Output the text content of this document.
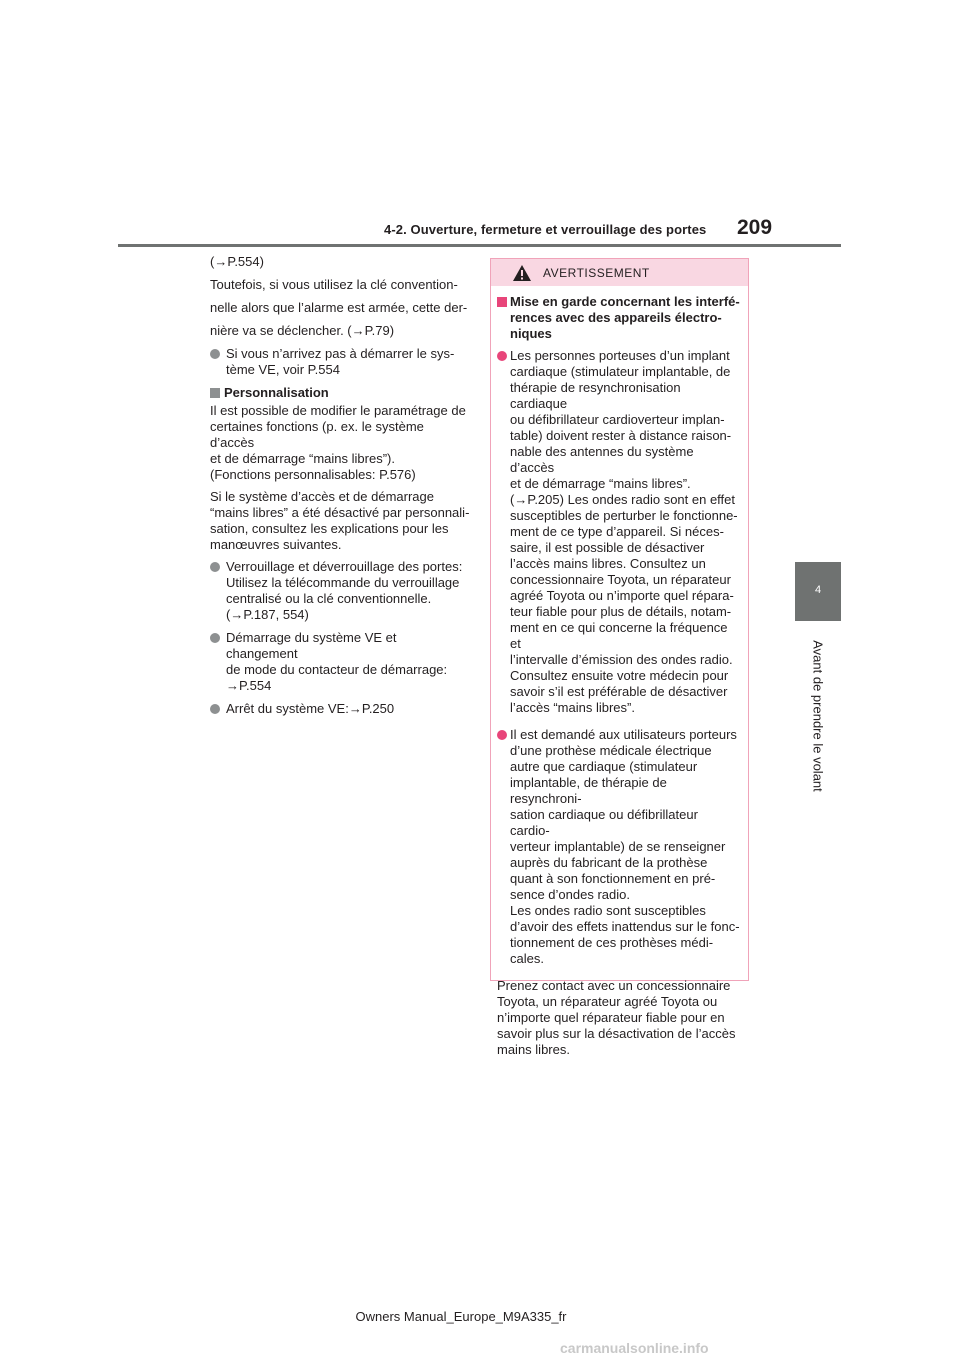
4-2. Ouverture, fermeture et verrouillage des portes 209
4
Avant de prendre le volant

(→P.554)

Toutefois, si vous utilisez la clé convention-
nelle alors que l’alarme est armée, cette der-
nière va se déclencher. (→P.79)

Si vous n’arrivez pas à démarrer le sys-
tème VE, voir P.554

Personnalisation

Il est possible de modifier le paramétrage de
certaines fonctions (p. ex. le système d’accès
et de démarrage “mains libres”).
(Fonctions personnalisables: P.576)

Si le système d’accès et de démarrage
“mains libres” a été désactivé par personnali-
sation, consultez les explications pour les
manœuvres suivantes.

Verrouillage et déverrouillage des portes:
Utilisez la télécommande du verrouillage
centralisé ou la clé conventionnelle.
(→P.187, 554)

Démarrage du système VE et changement
de mode du contacteur de démarrage:
→P.554

Arrêt du système VE:→P.250

AVERTISSEMENT

Mise en garde concernant les interfé-
rences avec des appareils électro-
niques

Les personnes porteuses d’un implant
cardiaque (stimulateur implantable, de
thérapie de resynchronisation cardiaque
ou défibrillateur cardioverteur implan-
table) doivent rester à distance raison-
nable des antennes du système d’accès
et de démarrage “mains libres”.
(→P.205) Les ondes radio sont en effet
susceptibles de perturber le fonctionne-
ment de ce type d’appareil. Si néces-
saire, il est possible de désactiver
l’accès mains libres. Consultez un
concessionnaire Toyota, un réparateur
agréé Toyota ou n’importe quel répara-
teur fiable pour plus de détails, notam-
ment en ce qui concerne la fréquence et
l’intervalle d’émission des ondes radio.
Consultez ensuite votre médecin pour
savoir s’il est préférable de désactiver
l’accès “mains libres”.

Il est demandé aux utilisateurs porteurs
d’une prothèse médicale électrique
autre que cardiaque (stimulateur
implantable, de thérapie de resynchroni-
sation cardiaque ou défibrillateur cardio-
verteur implantable) de se renseigner
auprès du fabricant de la prothèse
quant à son fonctionnement en pré-
sence d’ondes radio.
Les ondes radio sont susceptibles
d’avoir des effets inattendus sur le fonc-
tionnement de ces prothèses médi-
cales.

Prenez contact avec un concessionnaire
Toyota, un réparateur agréé Toyota ou
n’importe quel réparateur fiable pour en
savoir plus sur la désactivation de l’accès
mains libres.

Owners Manual_Europe_M9A335_fr
carmanualsonline.info
